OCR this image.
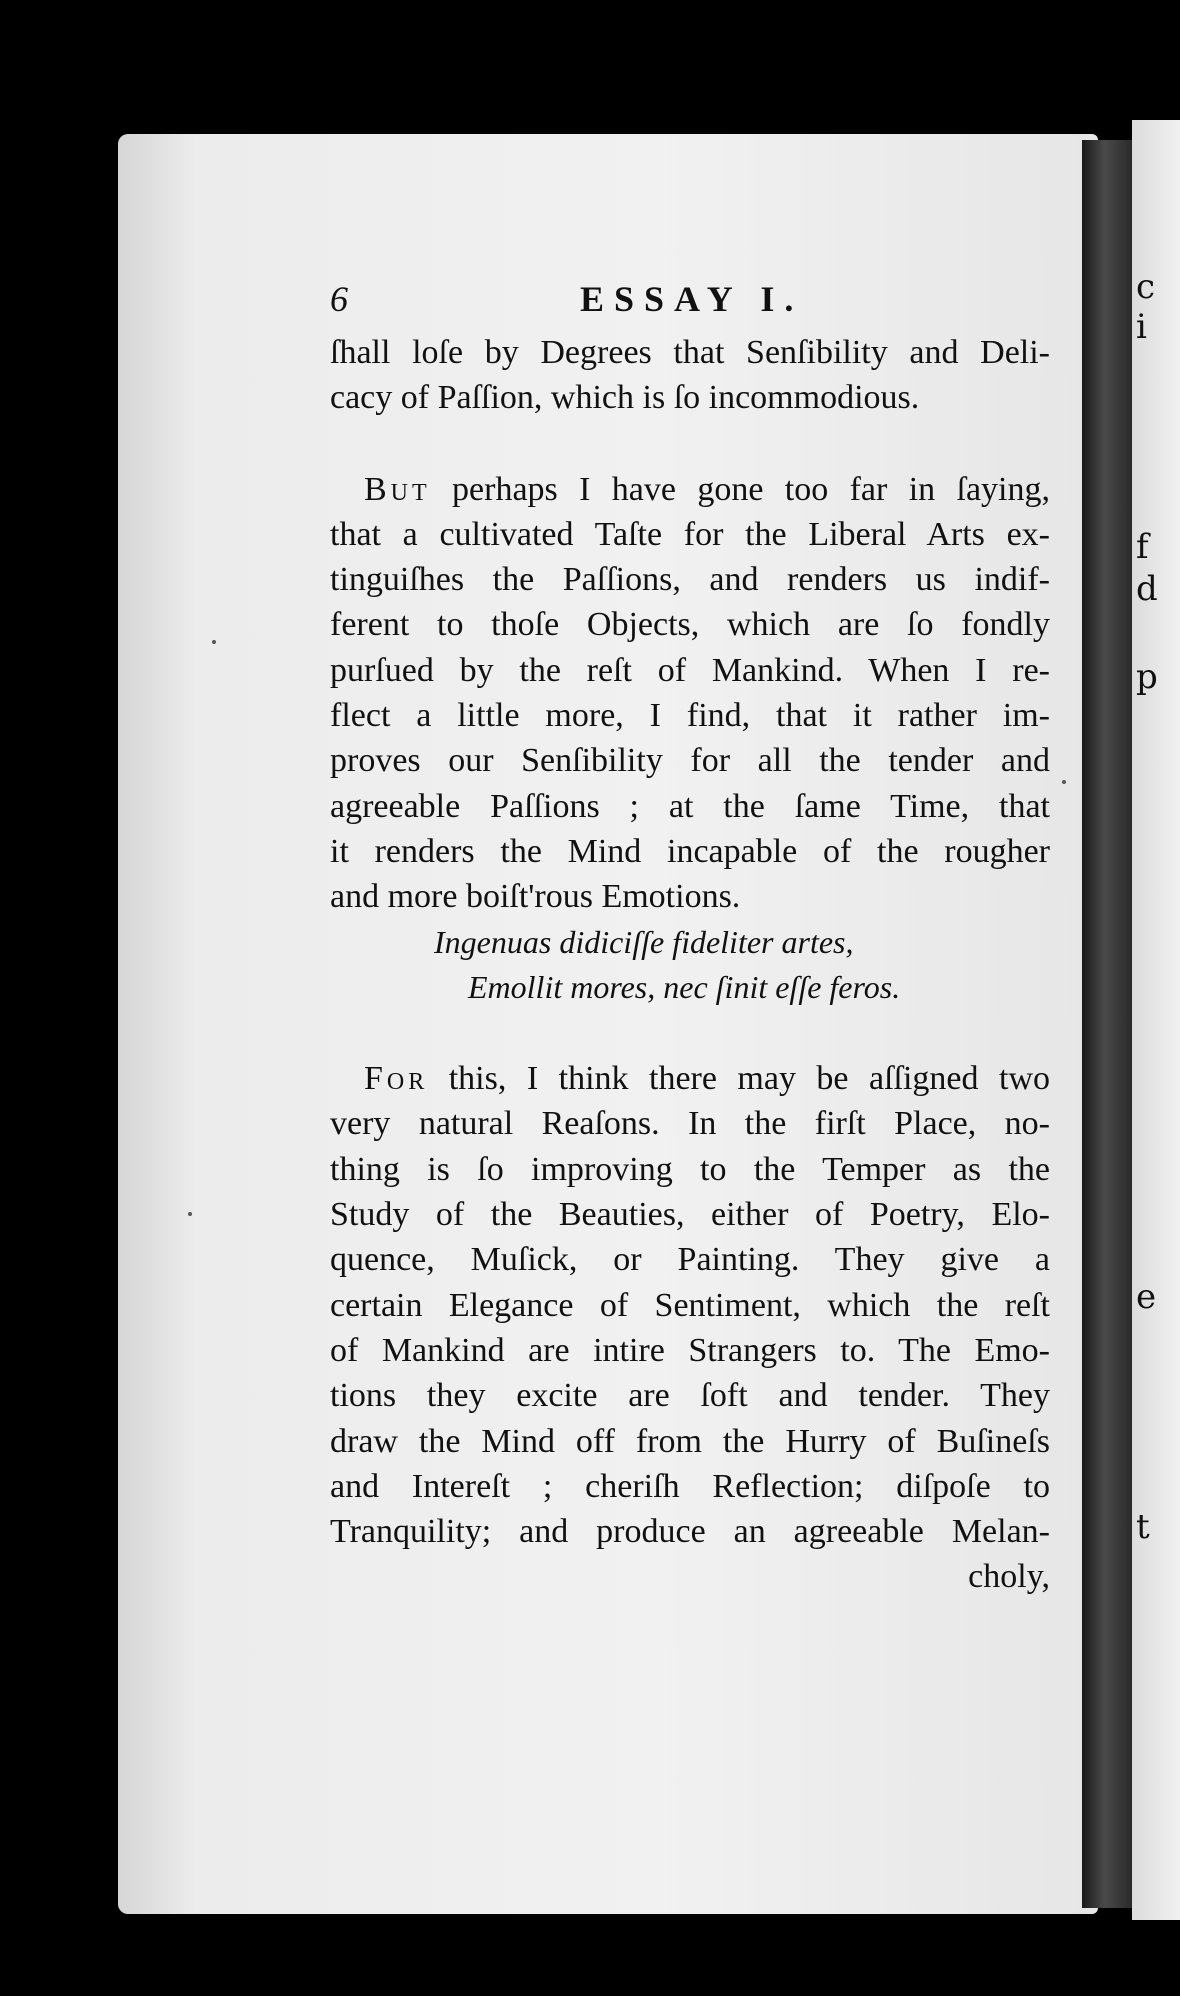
c
i
f
d
p
e
t
6	ESSAY I.
ſhall loſe by Degrees that Senſibility and Deli-
cacy of Paſſion, which is ſo incommodious.
But perhaps I have gone too far in ſaying,
that a cultivated Taſte for the Liberal Arts ex-
tinguiſhes the Paſſions, and renders us indif-
ferent to thoſe Objects, which are ſo fondly
purſued by the reſt of Mankind. When I re-
flect a little more, I find, that it rather im-
proves our Senſibility for all the tender and
agreeable Paſſions ; at the ſame Time, that
it renders the Mind incapable of the rougher
and more boiſt'rous Emotions.
Ingenuas didiciſſe fideliter artes,
Emollit mores, nec ſinit eſſe feros.
For this, I think there may be aſſigned two
very natural Reaſons. In the firſt Place, no-
thing is ſo improving to the Temper as the
Study of the Beauties, either of Poetry, Elo-
quence, Muſick, or Painting. They give a
certain Elegance of Sentiment, which the reſt
of Mankind are intire Strangers to. The Emo-
tions they excite are ſoft and tender. They
draw the Mind off from the Hurry of Buſineſs
and Intereſt ; cheriſh Reflection; diſpoſe to
Tranquility; and produce an agreeable Melan-
choly,
